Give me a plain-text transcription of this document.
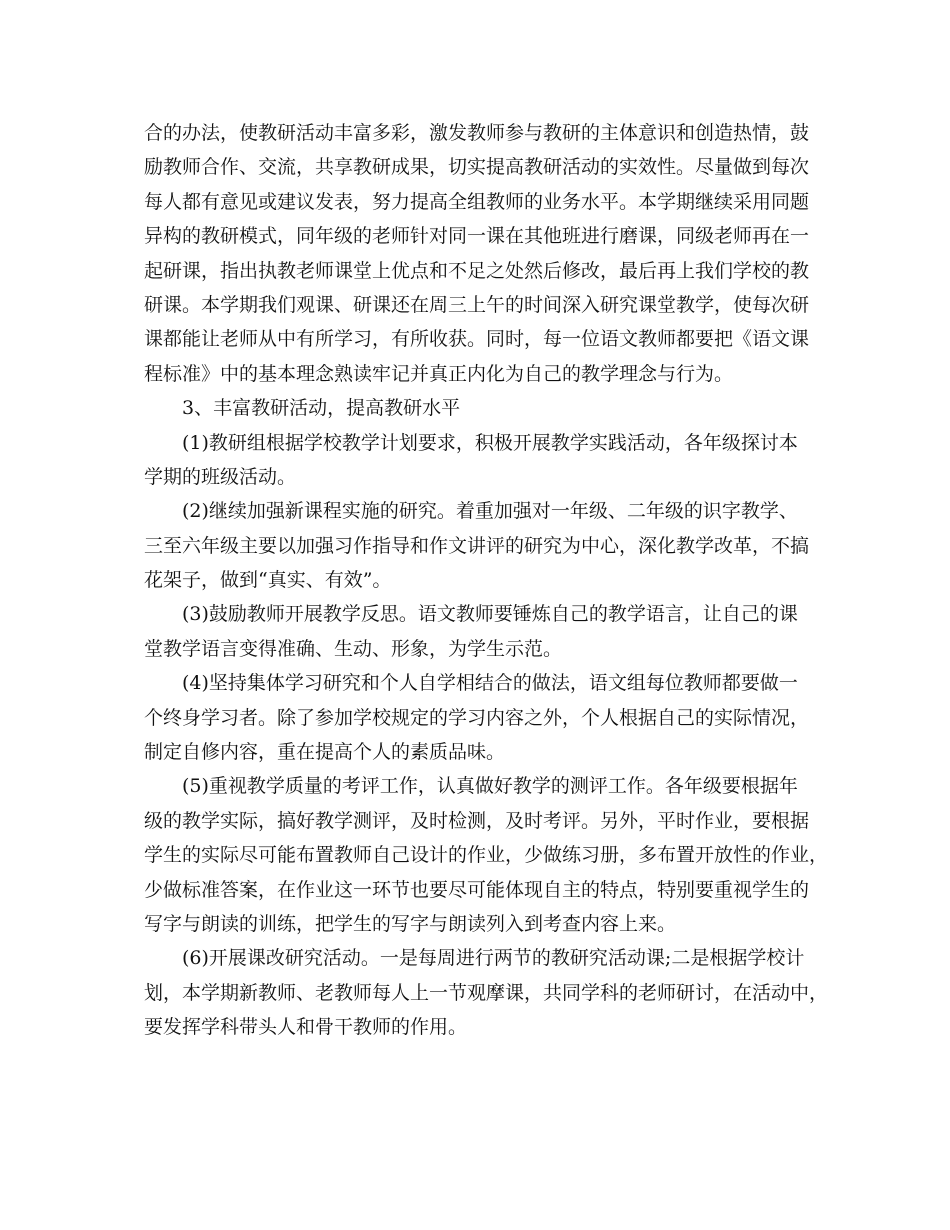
合的办法，使教研活动丰富多彩，激发教师参与教研的主体意识和创造热情，鼓
励教师合作、交流，共享教研成果，切实提高教研活动的实效性。尽量做到每次
每人都有意见或建议发表，努力提高全组教师的业务水平。本学期继续采用同题
异构的教研模式，同年级的老师针对同一课在其他班进行磨课，同级老师再在一
起研课，指出执教老师课堂上优点和不足之处然后修改，最后再上我们学校的教
研课。本学期我们观课、研课还在周三上午的时间深入研究课堂教学，使每次研
课都能让老师从中有所学习，有所收获。同时，每一位语文教师都要把《语文课
程标准》中的基本理念熟读牢记并真正内化为自己的教学理念与行为。
3、丰富教研活动，提高教研水平
(1)教研组根据学校教学计划要求，积极开展教学实践活动，各年级探讨本
学期的班级活动。
(2)继续加强新课程实施的研究。着重加强对一年级、二年级的识字教学、
三至六年级主要以加强习作指导和作文讲评的研究为中心，深化教学改革，不搞
花架子，做到“真实、有效”。
(3)鼓励教师开展教学反思。语文教师要锤炼自己的教学语言，让自己的课
堂教学语言变得准确、生动、形象，为学生示范。
(4)坚持集体学习研究和个人自学相结合的做法，语文组每位教师都要做一
个终身学习者。除了参加学校规定的学习内容之外，个人根据自己的实际情况，
制定自修内容，重在提高个人的素质品味。
(5)重视教学质量的考评工作，认真做好教学的测评工作。各年级要根据年
级的教学实际，搞好教学测评，及时检测，及时考评。另外，平时作业，要根据
学生的实际尽可能布置教师自己设计的作业，少做练习册，多布置开放性的作业，
少做标准答案，在作业这一环节也要尽可能体现自主的特点，特别要重视学生的
写字与朗读的训练，把学生的写字与朗读列入到考查内容上来。
(6)开展课改研究活动。一是每周进行两节的教研究活动课;二是根据学校计
划，本学期新教师、老教师每人上一节观摩课，共同学科的老师研讨，在活动中，
要发挥学科带头人和骨干教师的作用。
